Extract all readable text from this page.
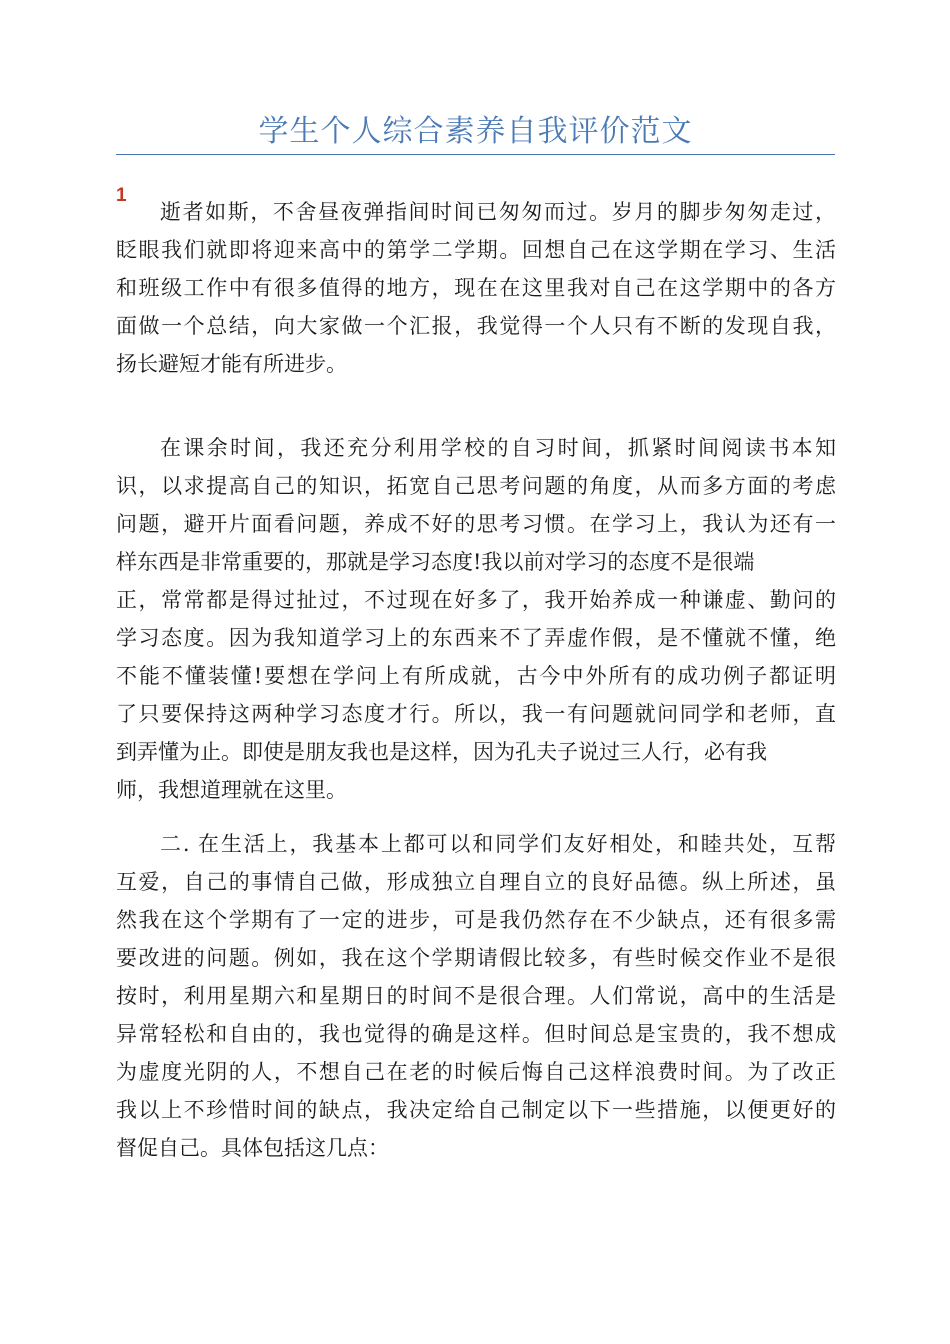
学生个人综合素养自我评价范文
1
逝者如斯，不舍昼夜弹指间时间已匆匆而过。岁月的脚步匆匆走过，
眨眼我们就即将迎来高中的第学二学期。回想自己在这学期在学习、生活
和班级工作中有很多值得的地方，现在在这里我对自己在这学期中的各方
面做一个总结，向大家做一个汇报，我觉得一个人只有不断的发现自我，
扬长避短才能有所进步。
在课余时间，我还充分利用学校的自习时间，抓紧时间阅读书本知
识，以求提高自己的知识，拓宽自己思考问题的角度，从而多方面的考虑
问题，避开片面看问题，养成不好的思考习惯。在学习上，我认为还有一
样东西是非常重要的，那就是学习态度!我以前对学习的态度不是很端
正，常常都是得过扯过，不过现在好多了，我开始养成一种谦虚、勤问的
学习态度。因为我知道学习上的东西来不了弄虚作假，是不懂就不懂，绝
不能不懂装懂!要想在学问上有所成就，古今中外所有的成功例子都证明
了只要保持这两种学习态度才行。所以，我一有问题就问同学和老师，直
到弄懂为止。即使是朋友我也是这样，因为孔夫子说过三人行，必有我
师，我想道理就在这里。
二. 在生活上，我基本上都可以和同学们友好相处，和睦共处，互帮
互爱，自己的事情自己做，形成独立自理自立的良好品德。纵上所述，虽
然我在这个学期有了一定的进步，可是我仍然存在不少缺点，还有很多需
要改进的问题。例如，我在这个学期请假比较多，有些时候交作业不是很
按时，利用星期六和星期日的时间不是很合理。人们常说，高中的生活是
异常轻松和自由的，我也觉得的确是这样。但时间总是宝贵的，我不想成
为虚度光阴的人，不想自己在老的时候后悔自己这样浪费时间。为了改正
我以上不珍惜时间的缺点，我决定给自己制定以下一些措施，以便更好的
督促自己。具体包括这几点：
